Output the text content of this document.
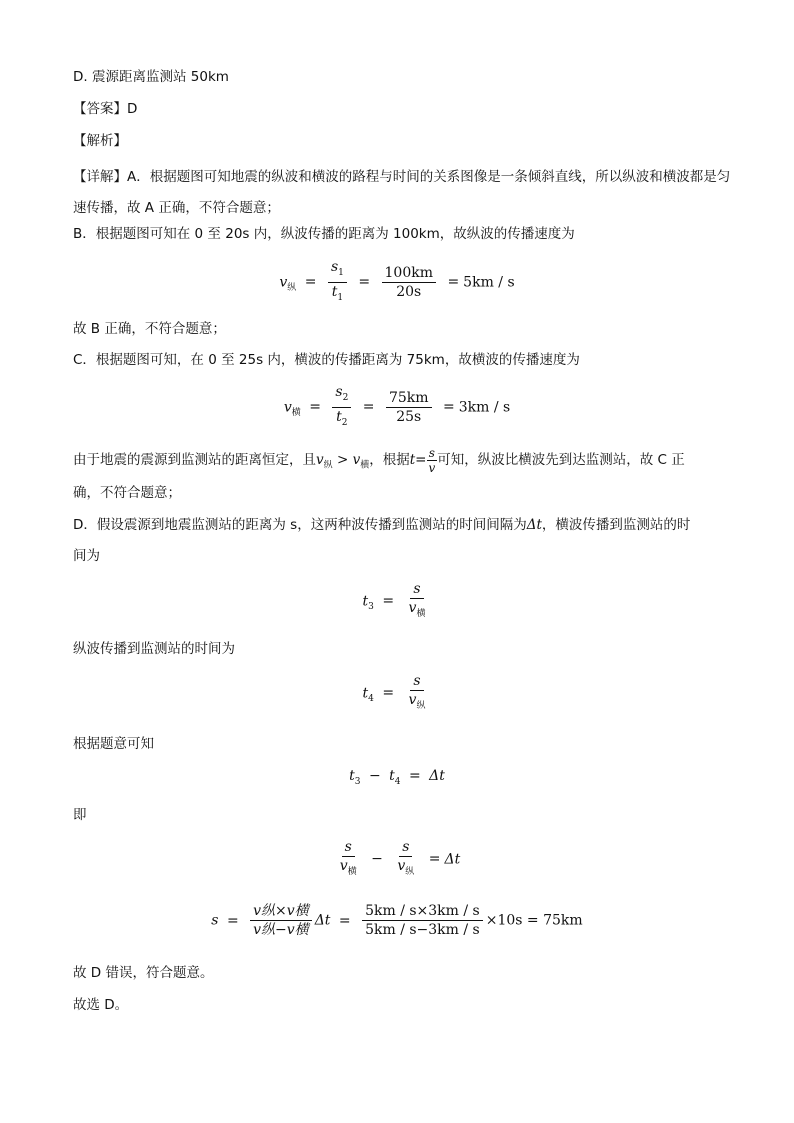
D. 震源距离监测站 50km
【答案】D
【解析】
【详解】A．根据题图可知地震的纵波和横波的路程与时间的关系图像是一条倾斜直线，所以纵波和横波都是匀速传播，故 A 正确，不符合题意；
B．根据题图可知在 0 至 20s 内，纵波传播的距离为 100km，故纵波的传播速度为
$v_纵 = \frac{s_1}{t_1} = \frac{100km}{20s} = 5km / s$
故 B 正确，不符合题意；
C．根据题图可知，在 0 至 25s 内，横波的传播距离为 75km，故横波的传播速度为
$v_横 = \frac{s_2}{t_2} = \frac{75km}{25s} = 3km / s$
由于地震的震源到监测站的距离恒定，且$v_纵 > v_横$，根据$t= \frac{s}{v}$ 可知，纵波比横波先到达监测站，故 C 正
确，不符合题意；
D．假设震源到地震监测站的距离为 s，这两种波传播到监测站的时间间隔为Δt，横波传播到监测站的时
间为
$t_3 = \frac{s}{v_横}$
纵波传播到监测站的时间为
$t_4 = \frac{s}{v_纵}$
根据题意可知
$t_3 - t_4 = \Delta t$
即
$\frac{s}{v_横} - \frac{s}{v_纵} = \Delta t$
$s = \frac{\text{v纵×v横}}{\text{v纵−v横}}$ $\Delta t = \frac{5km / s\times 3km / s}{5km / s-3km / s} \times 10s = 75km$
故 D 错误，符合题意。
故选 D。
